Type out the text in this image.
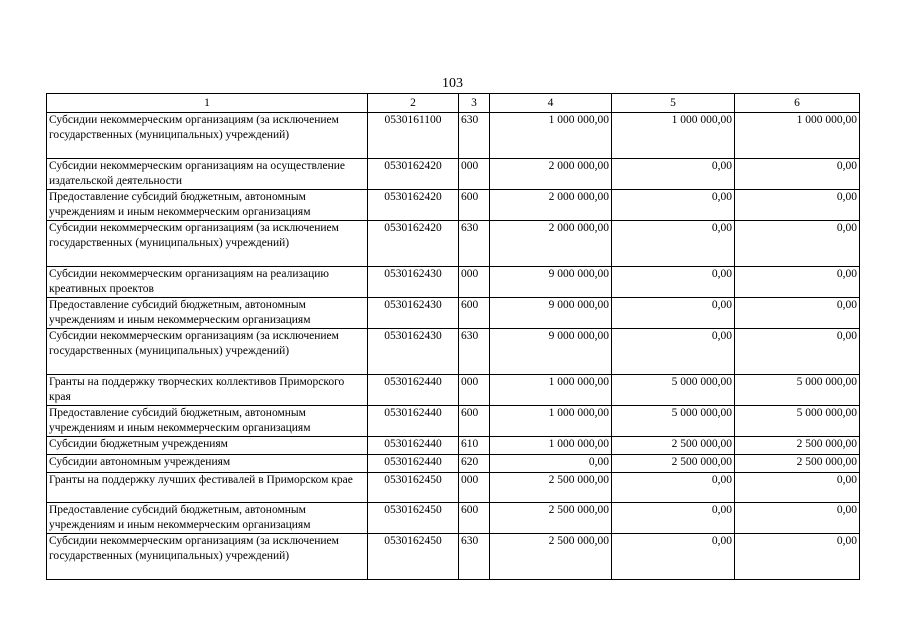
103
1	2	3	4	5	6
Субсидии некоммерческим организациям (за исключением государственных (муниципальных) учреждений)	0530161100	630	1 000 000,00	1 000 000,00	1 000 000,00
Субсидии некоммерческим организациям на осуществление издательской деятельности	0530162420	000	2 000 000,00	0,00	0,00
Предоставление субсидий бюджетным, автономным учреждениям и иным некоммерческим организациям	0530162420	600	2 000 000,00	0,00	0,00
Субсидии некоммерческим организациям (за исключением государственных (муниципальных) учреждений)	0530162420	630	2 000 000,00	0,00	0,00
Субсидии некоммерческим организациям на реализацию креативных проектов	0530162430	000	9 000 000,00	0,00	0,00
Предоставление субсидий бюджетным, автономным учреждениям и иным некоммерческим организациям	0530162430	600	9 000 000,00	0,00	0,00
Субсидии некоммерческим организациям (за исключением государственных (муниципальных) учреждений)	0530162430	630	9 000 000,00	0,00	0,00
Гранты на поддержку творческих коллективов Приморского края	0530162440	000	1 000 000,00	5 000 000,00	5 000 000,00
Предоставление субсидий бюджетным, автономным учреждениям и иным некоммерческим организациям	0530162440	600	1 000 000,00	5 000 000,00	5 000 000,00
Субсидии бюджетным учреждениям	0530162440	610	1 000 000,00	2 500 000,00	2 500 000,00
Субсидии автономным учреждениям	0530162440	620	0,00	2 500 000,00	2 500 000,00
Гранты на поддержку лучших фестивалей в Приморском крае	0530162450	000	2 500 000,00	0,00	0,00
Предоставление субсидий бюджетным, автономным учреждениям и иным некоммерческим организациям	0530162450	600	2 500 000,00	0,00	0,00
Субсидии некоммерческим организациям (за исключением государственных (муниципальных) учреждений)	0530162450	630	2 500 000,00	0,00	0,00
